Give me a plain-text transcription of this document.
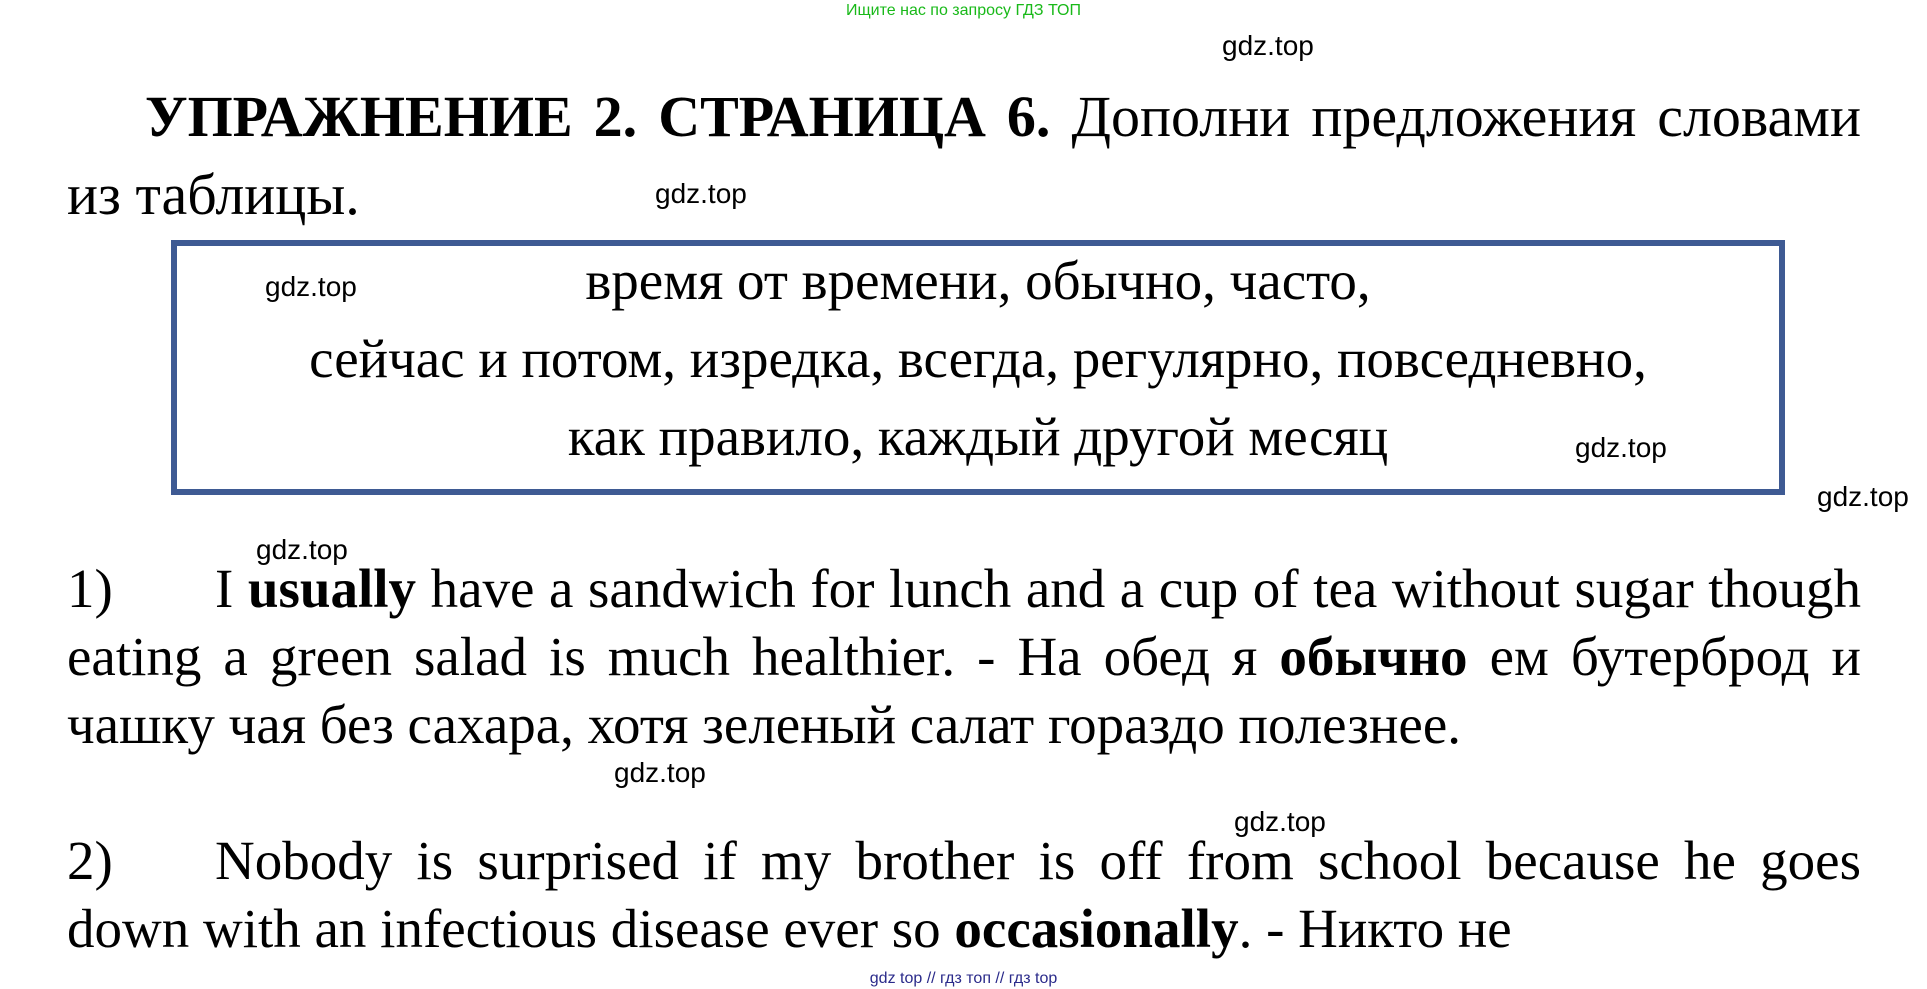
Ищите нас по запросу ГДЗ ТОП
gdz.top
УПРАЖНЕНИЕ 2. СТРАНИЦА 6. Дополни предложения словами из таблицы.	gdz.top
время от времени, обычно, часто,
сейчас и потом, изредка, всегда, регулярно, повседневно,
как правило, каждый другой месяц
gdz.top
gdz.top
gdz.top
gdz.top
1) I usually have a sandwich for lunch and a cup of tea without sugar though eating a green salad is much healthier. - На обед я обычно ем бутерброд и чашку чая без сахара, хотя зеленый салат гораздо полезнее.
gdz.top
gdz.top
2) Nobody is surprised if my brother is off from school because he goes down with an infectious disease ever so occasionally. - Никто не
gdz top // гдз топ // гдз top
